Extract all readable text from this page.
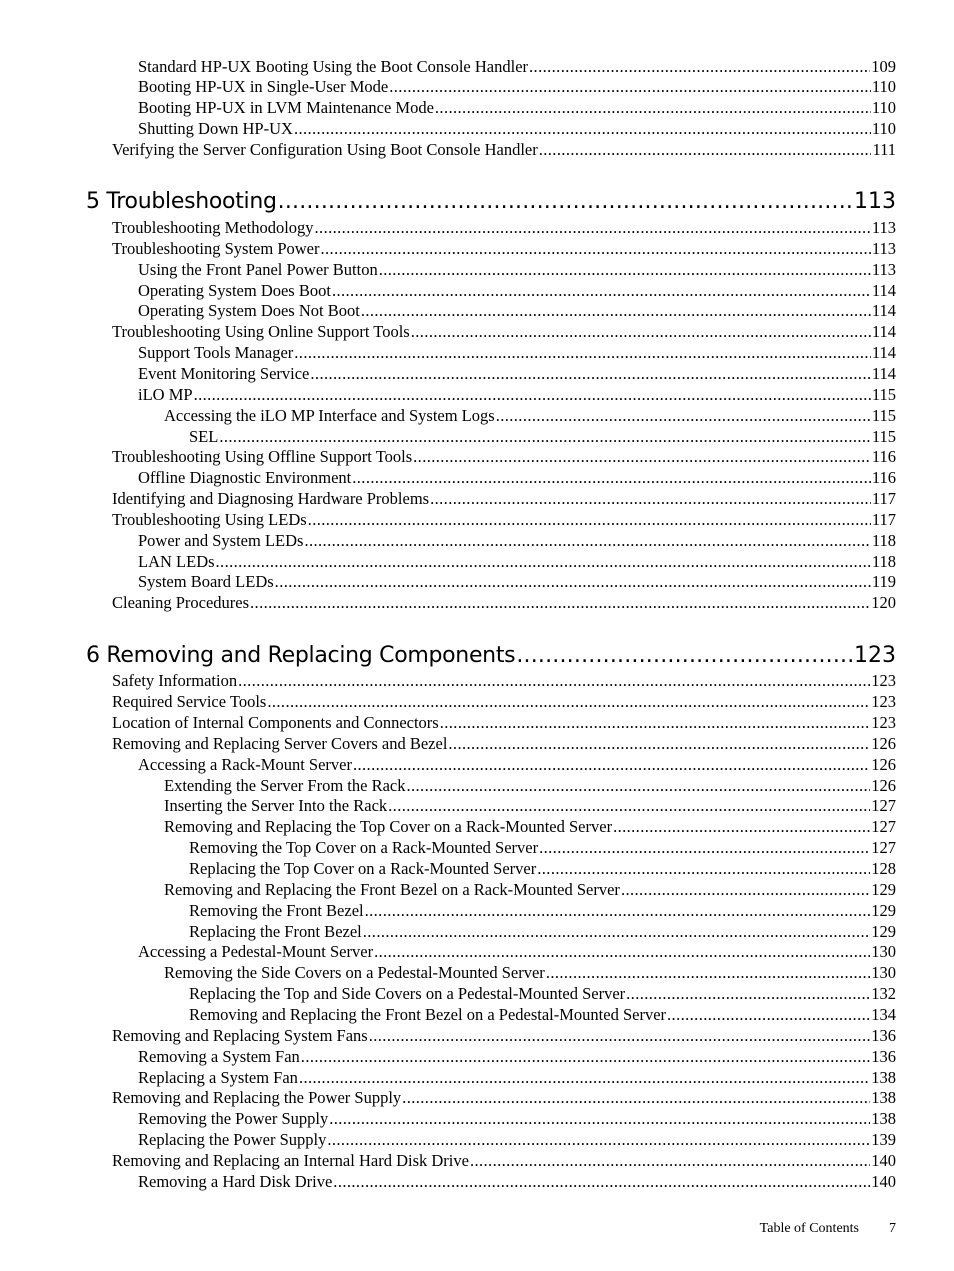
Standard HP-UX Booting Using the Boot Console Handler .....	109
Booting HP-UX in Single-User Mode .....	110
Booting HP-UX in LVM Maintenance Mode .....	110
Shutting Down HP-UX .....	110
Verifying the Server Configuration Using Boot Console Handler .....	111
5 Troubleshooting .....	113
Troubleshooting Methodology .....	113
Troubleshooting System Power .....	113
Using the Front Panel Power Button .....	113
Operating System Does Boot .....	114
Operating System Does Not Boot .....	114
Troubleshooting Using Online Support Tools .....	114
Support Tools Manager .....	114
Event Monitoring Service .....	114
iLO MP .....	115
Accessing the iLO MP Interface and System Logs .....	115
SEL .....	115
Troubleshooting Using Offline Support Tools .....	116
Offline Diagnostic Environment .....	116
Identifying and Diagnosing Hardware Problems .....	117
Troubleshooting Using LEDs .....	117
Power and System LEDs .....	118
LAN LEDs .....	118
System Board LEDs .....	119
Cleaning Procedures .....	120
6 Removing and Replacing Components .....	123
Safety Information .....	123
Required Service Tools .....	123
Location of Internal Components and Connectors .....	123
Removing and Replacing Server Covers and Bezel .....	126
Accessing a Rack-Mount Server .....	126
Extending the Server From the Rack .....	126
Inserting the Server Into the Rack .....	127
Removing and Replacing the Top Cover on a Rack-Mounted Server .....	127
Removing the Top Cover on a Rack-Mounted Server .....	127
Replacing the Top Cover on a Rack-Mounted Server .....	128
Removing and Replacing the Front Bezel on a Rack-Mounted Server .....	129
Removing the Front Bezel .....	129
Replacing the Front Bezel .....	129
Accessing a Pedestal-Mount Server .....	130
Removing the Side Covers on a Pedestal-Mounted Server .....	130
Replacing the Top and Side Covers on a Pedestal-Mounted Server .....	132
Removing and Replacing the Front Bezel on a Pedestal-Mounted Server .....	134
Removing and Replacing System Fans .....	136
Removing a System Fan .....	136
Replacing a System Fan .....	138
Removing and Replacing the Power Supply .....	138
Removing the Power Supply .....	138
Replacing the Power Supply .....	139
Removing and Replacing an Internal Hard Disk Drive .....	140
Removing a Hard Disk Drive .....	140
Table of Contents 7
